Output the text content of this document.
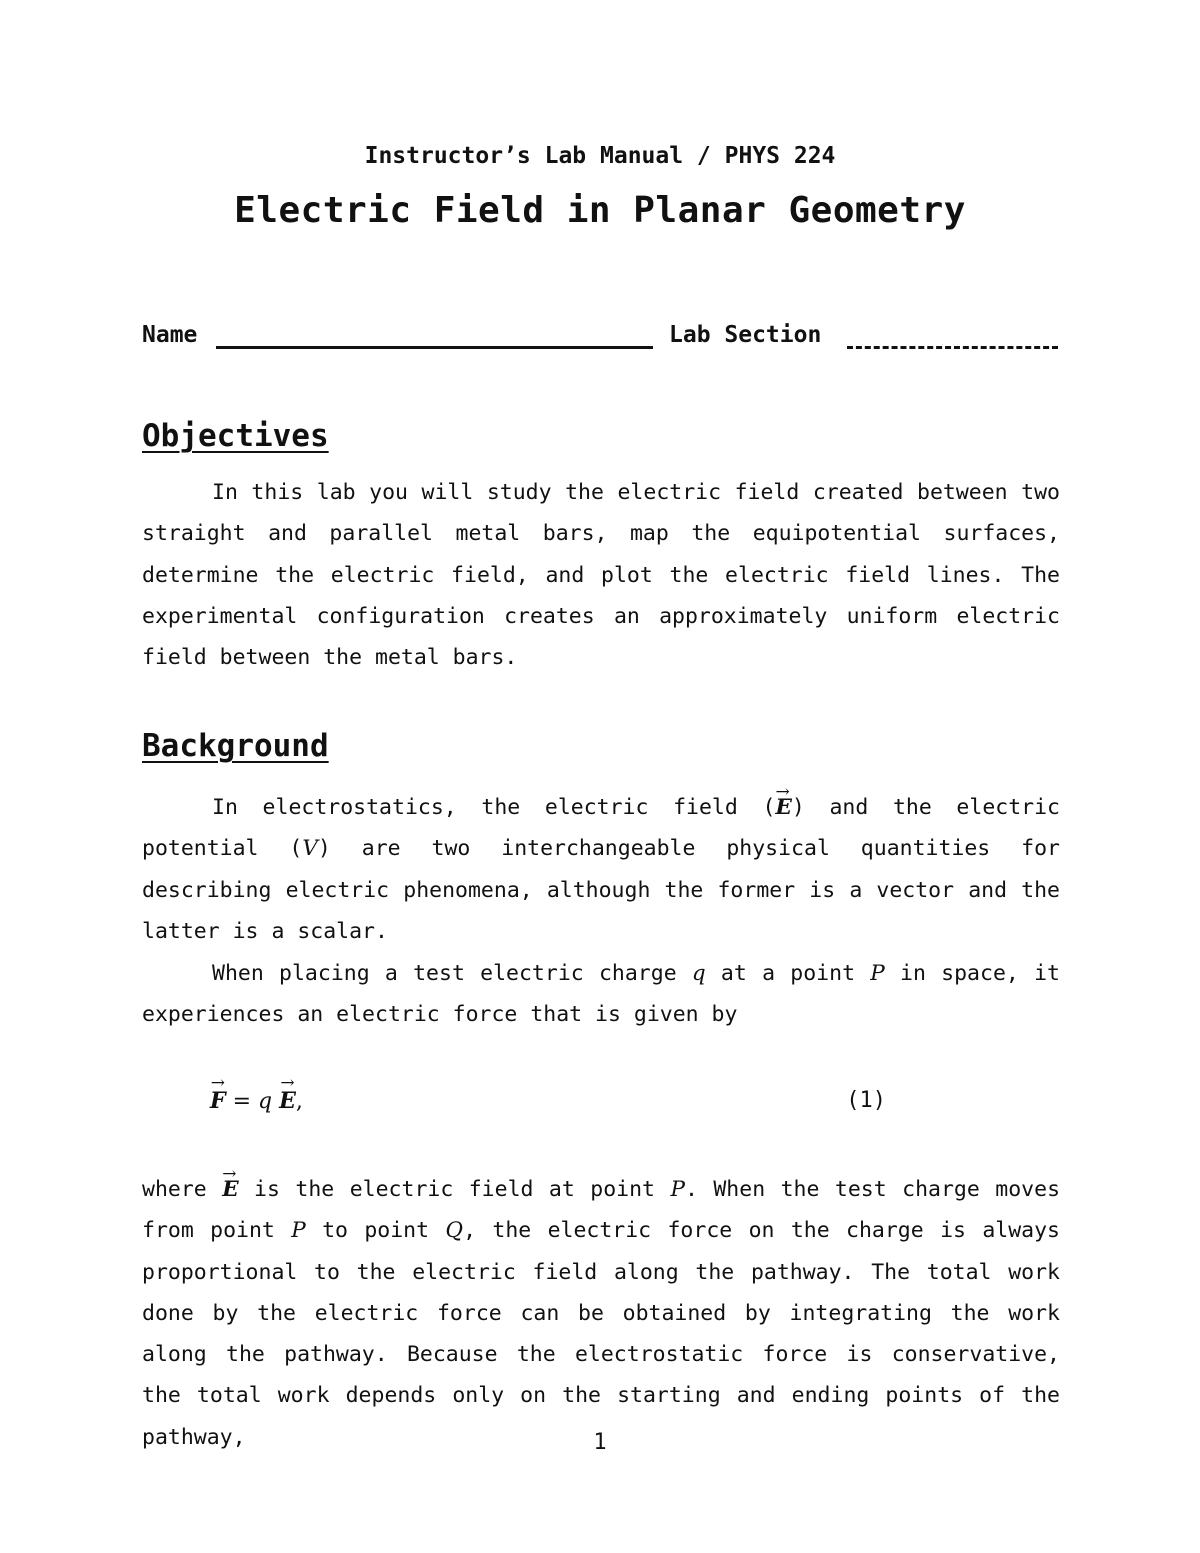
Instructor’s Lab Manual / PHYS 224
Electric Field in Planar Geometry
Name	Lab Section
Objectives
In this lab you will study the electric field created between two straight and parallel metal bars, map the equipotential surfaces, determine the electric field, and plot the electric field lines. The experimental configuration creates an approximately uniform electric field between the metal bars.
Background
In electrostatics, the electric field (→ E) and the electric potential (V) are two interchangeable physical quantities for describing electric phenomena, although the former is a vector and the latter is a scalar.
When placing a test electric charge q at a point P in space, it experiences an electric force that is given by
→ F = q → E,	(1)
where → E is the electric field at point P. When the test charge moves from point P to point Q, the electric force on the charge is always proportional to the electric field along the pathway. The total work done by the electric force can be obtained by integrating the work along the pathway. Because the electrostatic force is conservative, the total work depends only on the starting and ending points of the pathway,	1
